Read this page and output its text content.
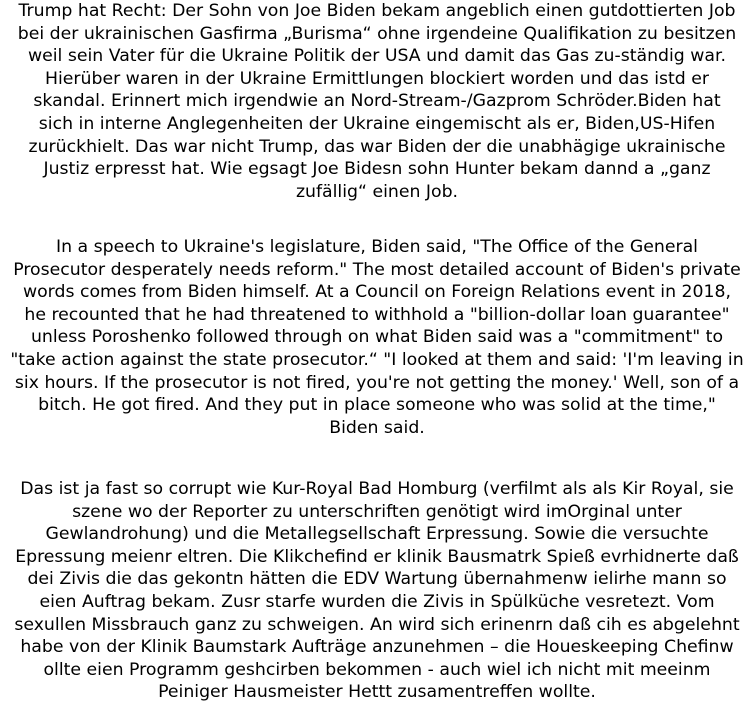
Trump hat Recht: Der Sohn von Joe Biden bekam angeblich einen gutdottierten Job
bei der ukrainischen Gasfirma „Burisma“ ohne irgendeine Qualifikation zu besitzen
weil sein Vater für die Ukraine Politik der USA und damit das Gas zu-ständig war.
Hierüber waren in der Ukraine Ermittlungen blockiert worden und das istd er
skandal. Erinnert mich irgendwie an Nord-Stream-/Gazprom Schröder.Biden hat
sich in interne Anglegenheiten der Ukraine eingemischt als er, Biden,US-Hifen
zurückhielt. Das war nicht Trump, das war Biden der die unabhägige ukrainische
Justiz erpresst hat. Wie egsagt Joe Bidesn sohn Hunter bekam dannd a „ganz
zufällig“ einen Job.

In a speech to Ukraine's legislature, Biden said, "The Office of the General
Prosecutor desperately needs reform." The most detailed account of Biden's private
words comes from Biden himself. At a Council on Foreign Relations event in 2018,
he recounted that he had threatened to withhold a "billion-dollar loan guarantee"
unless Poroshenko followed through on what Biden said was a "commitment" to
"take action against the state prosecutor.“ "I looked at them and said: 'I'm leaving in
six hours. If the prosecutor is not fired, you're not getting the money.' Well, son of a
bitch. He got fired. And they put in place someone who was solid at the time,"
Biden said.

Das ist ja fast so corrupt wie Kur-Royal Bad Homburg (verfilmt als als Kir Royal, sie
szene wo der Reporter zu unterschriften genötigt wird imOrginal unter
Gewlandrohung) und die Metallegsellschaft Erpressung. Sowie die versuchte
Epressung meienr eltren. Die Klikchefind er klinik Bausmatrk Spieß evrhidnerte daß
dei Zivis die das gekontn hätten die EDV Wartung übernahmenw ielirhe mann so
eien Auftrag bekam. Zusr starfe wurden die Zivis in Spülküche vesretezt. Vom
sexullen Missbrauch ganz zu schweigen. An wird sich erinenrn daß cih es abgelehnt
habe von der Klinik Baumstark Aufträge anzunehmen – die Houeskeeping Chefinw
ollte eien Programm geshcirben bekommen - auch wiel ich nicht mit meeinm
Peiniger Hausmeister Hettt zusamentreffen wollte.
